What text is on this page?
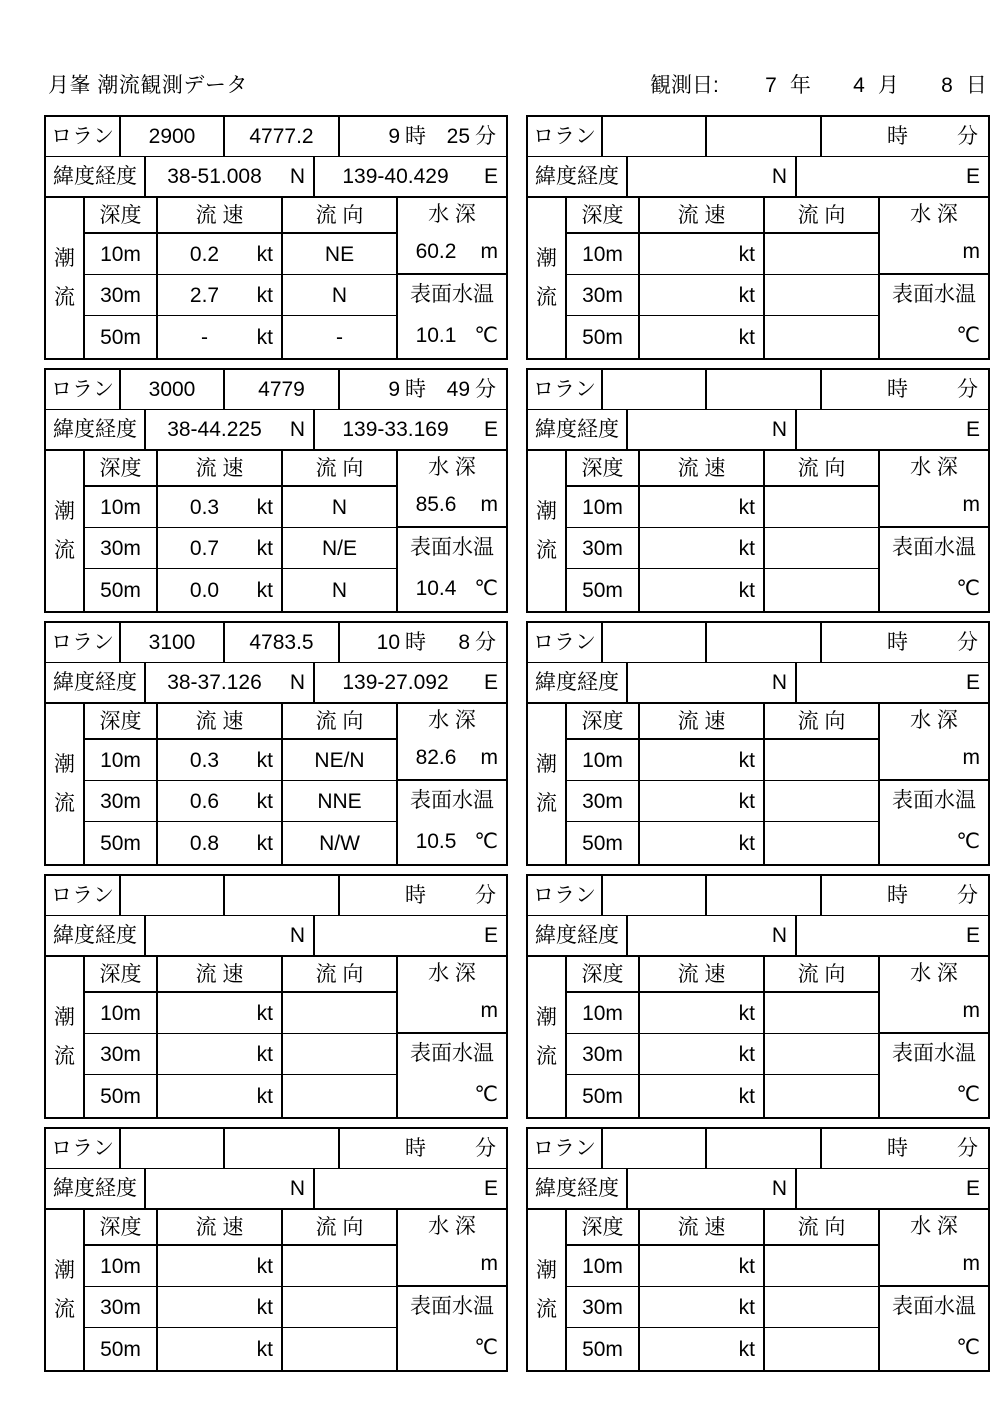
月峯 潮流観測データ	観測日: 7 年 4 月 8 日
ロラン	2900	4777.2	9 時 25 分
緯度経度	38-51.008	N	139-40.429	E
潮
流
深度	流 速	流 向	水 深
60.2	m
10m	0.2	kt	NE
30m	2.7	kt	N	表面水温
10.1 ℃
50m	-	kt	-
ロラン	時 分
緯度経度	N	E
潮
流
深度	流 速	流 向	水 深
m
10m	kt
30m	kt	表面水温
℃
50m	kt
ロラン	3000	4779	9 時 49 分
緯度経度	38-44.225	N	139-33.169	E
潮
流
深度	流 速	流 向	水 深
85.6	m
10m	0.3	kt	N
30m	0.7	kt	N/E	表面水温
10.4 ℃
50m	0.0	kt	N
ロラン	時 分
緯度経度	N	E
潮
流
深度	流 速	流 向	水 深
m
10m	kt
30m	kt	表面水温
℃
50m	kt
ロラン	3100	4783.5	10 時	8 分
緯度経度	38-37.126	N	139-27.092	E
潮
流
深度	流 速	流 向	水 深
82.6	m
10m	0.3	kt	NE/N
30m	0.6	kt	NNE	表面水温
10.5 ℃
50m	0.8	kt	N/W
ロラン	時 分
緯度経度	N	E
潮
流
深度	流 速	流 向	水 深
m
10m	kt
30m	kt	表面水温
℃
50m	kt
ロラン	時 分
緯度経度	N	E
潮
流
深度	流 速	流 向	水 深
m
10m	kt
30m	kt	表面水温
℃
50m	kt
ロラン	時 分
緯度経度	N	E
潮
流
深度	流 速	流 向	水 深
m
10m	kt
30m	kt	表面水温
℃
50m	kt
ロラン	時 分
緯度経度	N	E
潮
流
深度	流 速	流 向	水 深
m
10m	kt
30m	kt	表面水温
℃
50m	kt
ロラン	時 分
緯度経度	N	E
潮
流
深度	流 速	流 向	水 深
m
10m	kt
30m	kt	表面水温
℃
50m	kt
